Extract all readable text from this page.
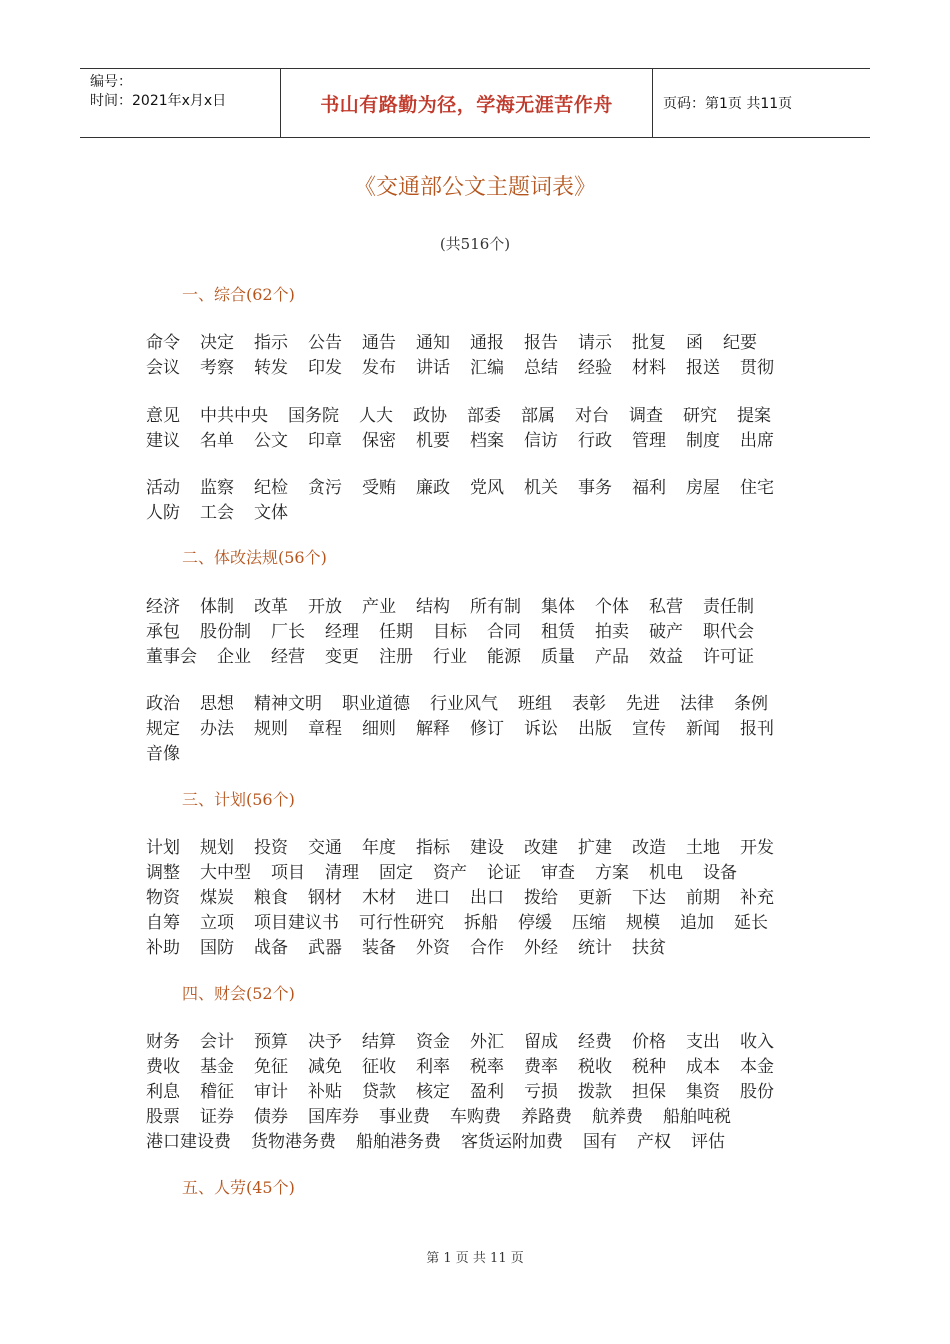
编号：
时间：2021年x月x日	书山有路勤为径，学海无涯苦作舟	页码：第1页 共11页
《交通部公文主题词表》
(共516个)
一、综合(62个)
命令 决定 指示 公告 通告 通知 通报 报告 请示 批复 函 纪要
会议 考察 转发 印发 发布 讲话 汇编 总结 经验 材料 报送 贯彻
意见 中共中央 国务院 人大 政协 部委 部属 对台 调查 研究 提案
建议 名单 公文 印章 保密 机要 档案 信访 行政 管理 制度 出席
活动 监察 纪检 贪污 受贿 廉政 党风 机关 事务 福利 房屋 住宅
人防 工会 文体
二、体改法规(56个)
经济 体制 改革 开放 产业 结构 所有制 集体 个体 私营 责任制
承包 股份制 厂长 经理 任期 目标 合同 租赁 拍卖 破产 职代会
董事会 企业 经营 变更 注册 行业 能源 质量 产品 效益 许可证
政治 思想 精神文明 职业道德 行业风气 班组 表彰 先进 法律 条例
规定 办法 规则 章程 细则 解释 修订 诉讼 出版 宣传 新闻 报刊
音像
三、计划(56个)
计划 规划 投资 交通 年度 指标 建设 改建 扩建 改造 土地 开发
调整 大中型 项目 清理 固定 资产 论证 审查 方案 机电 设备
物资 煤炭 粮食 钢材 木材 进口 出口 拨给 更新 下达 前期 补充
自筹 立项 项目建议书 可行性研究 拆船 停缓 压缩 规模 追加 延长
补助 国防 战备 武器 装备 外资 合作 外经 统计 扶贫
四、财会(52个)
财务 会计 预算 决予 结算 资金 外汇 留成 经费 价格 支出 收入
费收 基金 免征 减免 征收 利率 税率 费率 税收 税种 成本 本金
利息 稽征 审计 补贴 贷款 核定 盈利 亏损 拨款 担保 集资 股份
股票 证券 债券 国库券 事业费 车购费 养路费 航养费 船舶吨税
港口建设费 货物港务费 船舶港务费 客货运附加费 国有 产权 评估
五、人劳(45个)
第 1 页 共 11 页
